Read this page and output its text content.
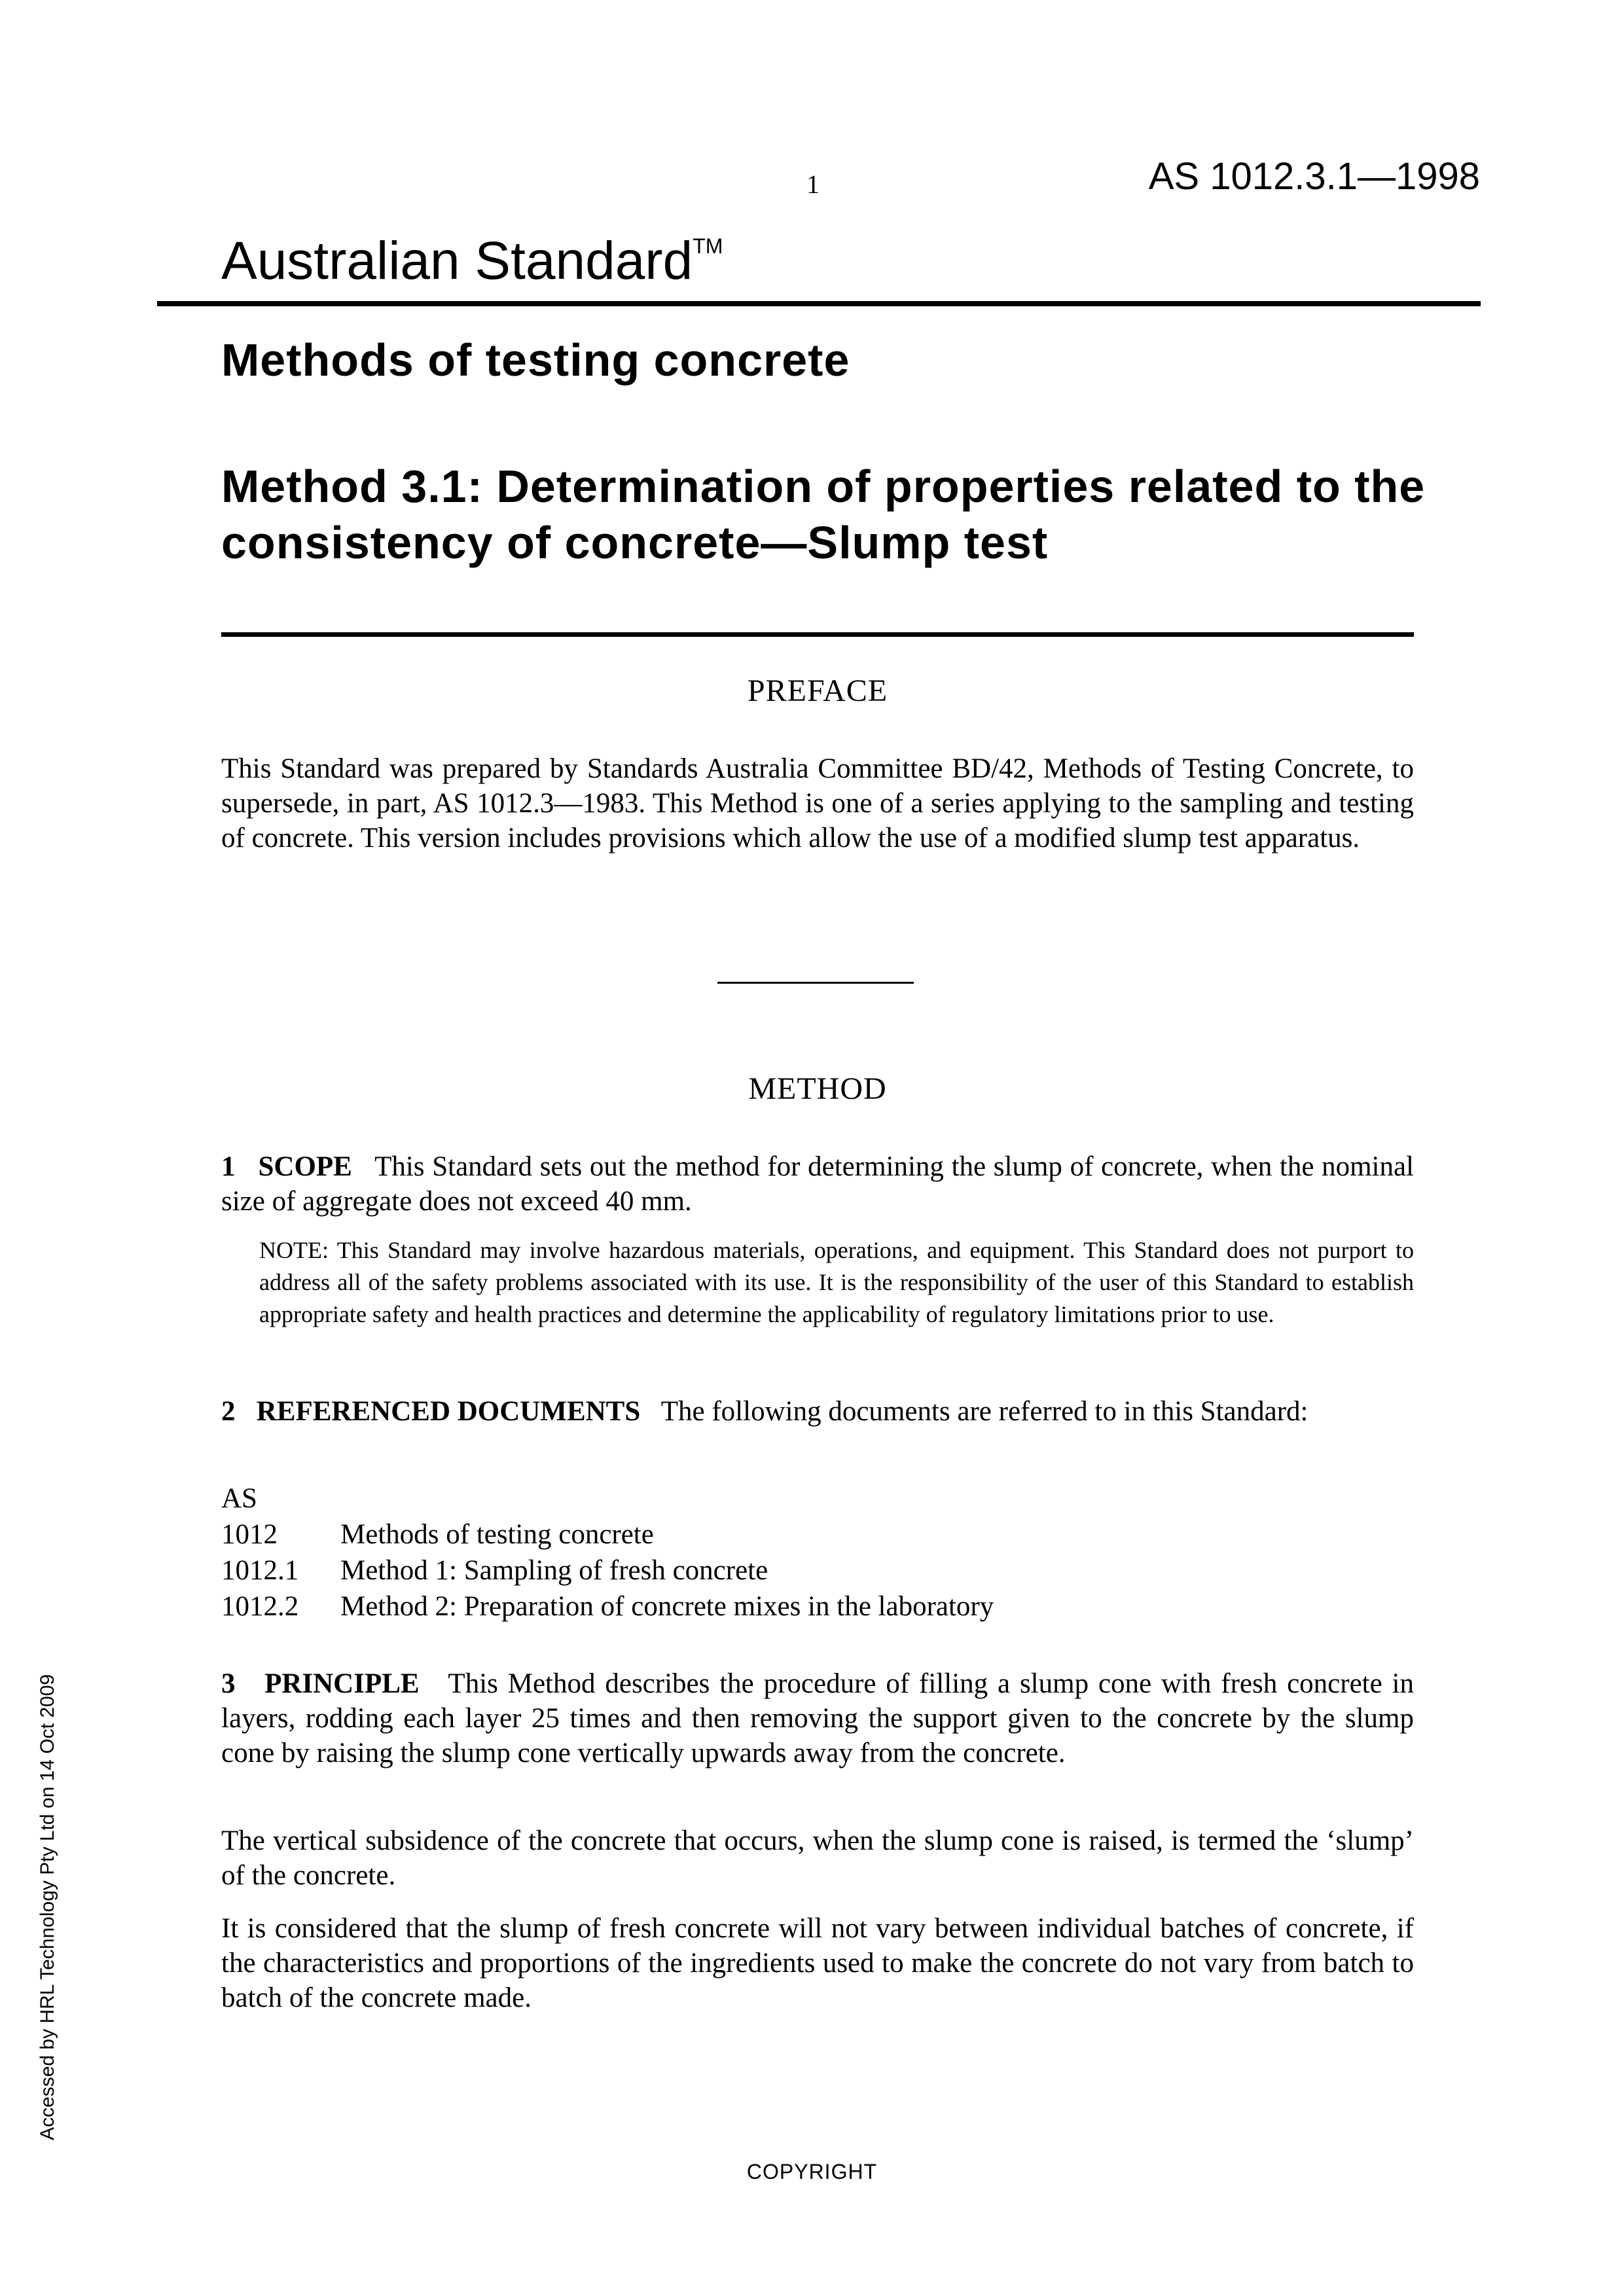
1	AS 1012.3.1—1998
Australian Standard™
Methods of testing concrete
Method 3.1: Determination of properties related to the consistency of concrete—Slump test
PREFACE

This Standard was prepared by Standards Australia Committee BD/42, Methods of Testing Concrete, to supersede, in part, AS 1012.3—1983. This Method is one of a series applying to the sampling and testing of concrete. This version includes provisions which allow the use of a modified slump test apparatus.

METHOD

1 SCOPE This Standard sets out the method for determining the slump of concrete, when the nominal size of aggregate does not exceed 40 mm.

NOTE: This Standard may involve hazardous materials, operations, and equipment. This Standard does not purport to address all of the safety problems associated with its use. It is the responsibility of the user of this Standard to establish appropriate safety and health practices and determine the applicability of regulatory limitations prior to use.

2 REFERENCED DOCUMENTS The following documents are referred to in this Standard:

AS
1012	Methods of testing concrete
1012.1	Method 1: Sampling of fresh concrete
1012.2	Method 2: Preparation of concrete mixes in the laboratory

3 PRINCIPLE This Method describes the procedure of filling a slump cone with fresh concrete in layers, rodding each layer 25 times and then removing the support given to the concrete by the slump cone by raising the slump cone vertically upwards away from the concrete.

The vertical subsidence of the concrete that occurs, when the slump cone is raised, is termed the ‘slump’ of the concrete.

It is considered that the slump of fresh concrete will not vary between individual batches of concrete, if the characteristics and proportions of the ingredients used to make the concrete do not vary from batch to batch of the concrete made.

COPYRIGHT
Accessed by HRL Technology Pty Ltd on 14 Oct 2009
